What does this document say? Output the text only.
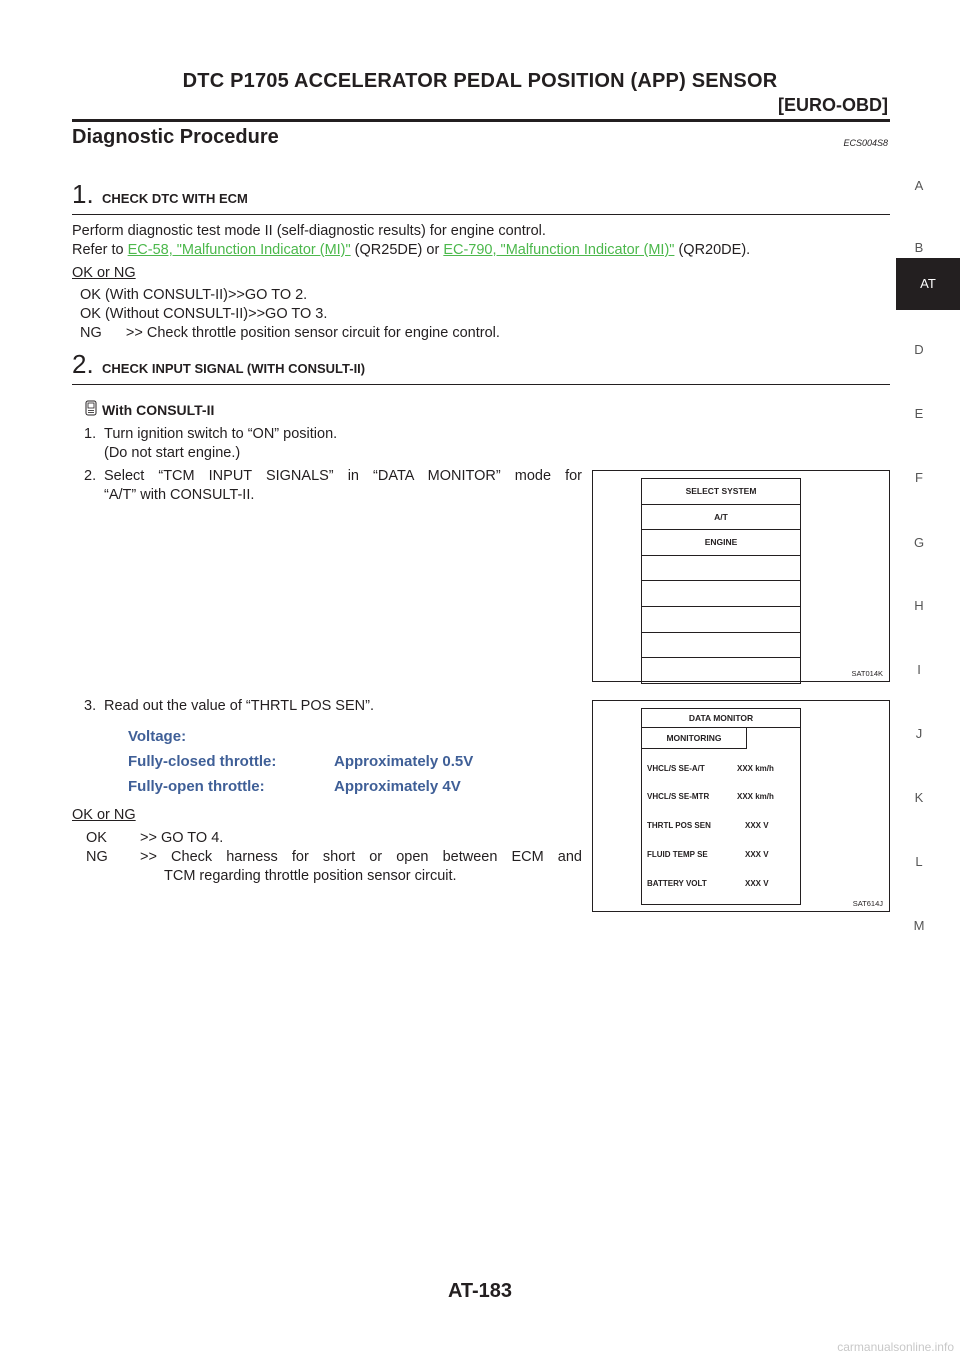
DTC P1705 ACCELERATOR PEDAL POSITION (APP) SENSOR
[EURO-OBD]
Diagnostic Procedure	ECS004S8
A
B
AT
D
E
F
G
H
I
J
K
L
M
1. CHECK DTC WITH ECM
Perform diagnostic test mode II (self-diagnostic results) for engine control.
Refer to EC-58, "Malfunction Indicator (MI)" (QR25DE) or EC-790, "Malfunction Indicator (MI)" (QR20DE).
OK or NG
OK (With CONSULT-II)>>GO TO 2.
OK (Without CONSULT-II)>>GO TO 3.
NG      >> Check throttle position sensor circuit for engine control.
2. CHECK INPUT SIGNAL (WITH CONSULT-II)
With CONSULT-II
1. Turn ignition switch to “ON” position.
(Do not start engine.)
2. Select “TCM INPUT SIGNALS” in “DATA MONITOR” mode for
“A/T” with CONSULT-II.	SELECT SYSTEM
A/T
ENGINE
SAT014K
3. Read out the value of “THRTL POS SEN”.
Voltage:
Fully-closed throttle:	Approximately 0.5V
Fully-open throttle:	Approximately 4V
OK or NG
OK >> GO TO 4.
NG >> Check harness for short or open between ECM and
TCM regarding throttle position sensor circuit.
DATA MONITOR
MONITORING
VHCL/S SE-A/T	XXX km/h
VHCL/S SE-MTR	XXX km/h
THRTL POS SEN	XXX V
FLUID TEMP SE	XXX V
BATTERY VOLT	XXX V
SAT614J
AT-183
carmanualsonline.info
